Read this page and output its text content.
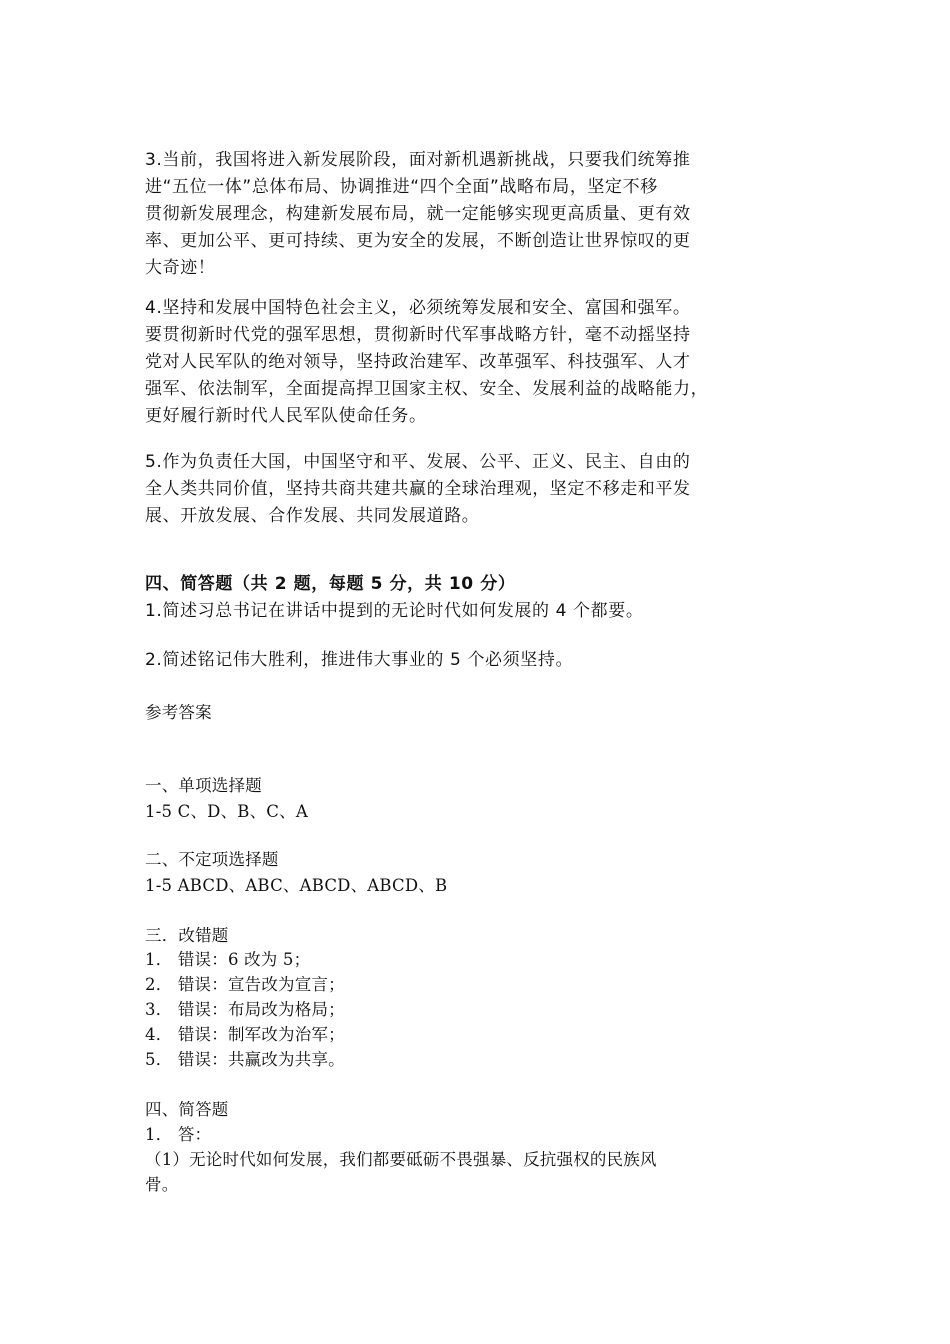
3.当前，我国将进入新发展阶段，面对新机遇新挑战，只要我们统筹推
进“五位一体”总体布局、协调推进“四个全面”战略布局，坚定不移
贯彻新发展理念，构建新发展布局，就一定能够实现更高质量、更有效
率、更加公平、更可持续、更为安全的发展，不断创造让世界惊叹的更
大奇迹！
4.坚持和发展中国特色社会主义，必须统筹发展和安全、富国和强军。
要贯彻新时代党的强军思想，贯彻新时代军事战略方针，毫不动摇坚持
党对人民军队的绝对领导，坚持政治建军、改革强军、科技强军、人才
强军、依法制军，全面提高捍卫国家主权、安全、发展利益的战略能力，
更好履行新时代人民军队使命任务。
5.作为负责任大国，中国坚守和平、发展、公平、正义、民主、自由的
全人类共同价值，坚持共商共建共赢的全球治理观，坚定不移走和平发
展、开放发展、合作发展、共同发展道路。
四、简答题（共 2 题，每题 5 分，共 10 分）
1.简述习总书记在讲话中提到的无论时代如何发展的 4 个都要。
2.简述铭记伟大胜利，推进伟大事业的 5 个必须坚持。
参考答案
一、单项选择题
1-5 C、D、B、C、A
二、不定项选择题
1-5 ABCD、ABC、ABCD、ABCD、B
三．改错题
1． 错误：6 改为 5；
2． 错误：宣告改为宣言；
3． 错误：布局改为格局；
4． 错误：制军改为治军；
5． 错误：共赢改为共享。
四、简答题
1． 答：
（1）无论时代如何发展，我们都要砥砺不畏强暴、反抗强权的民族风
骨。
